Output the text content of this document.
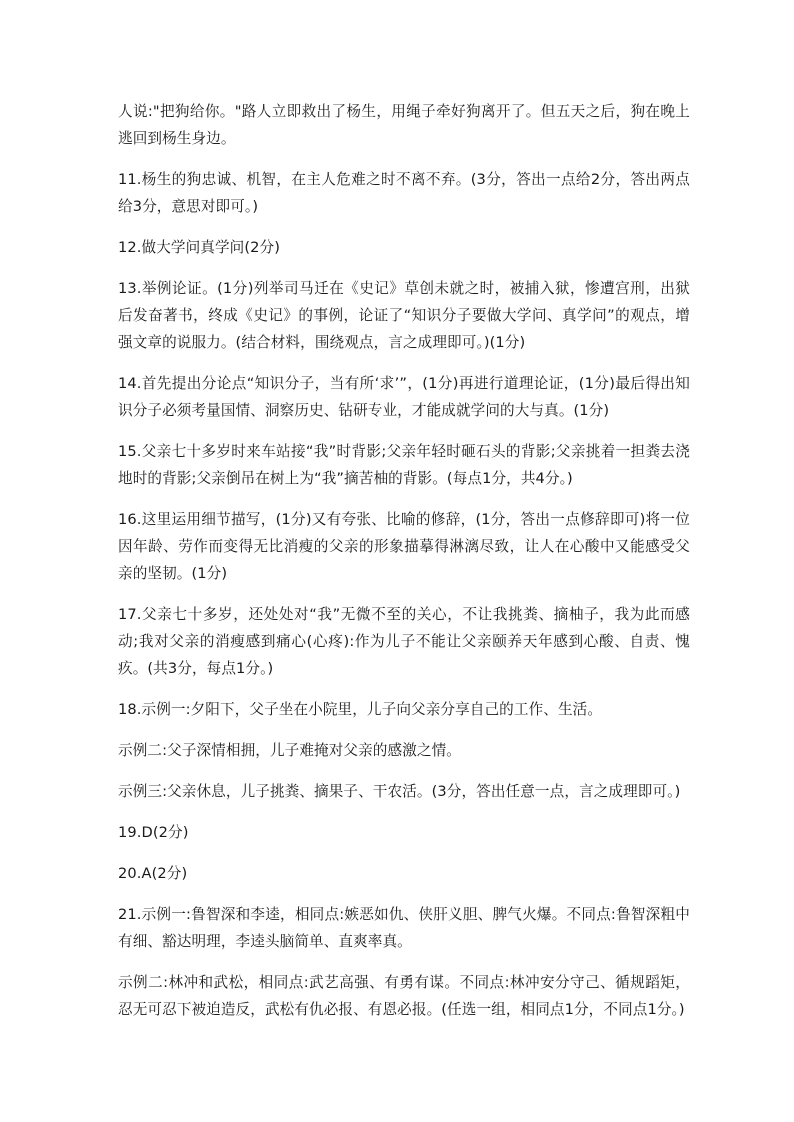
人说:"把狗给你。"路人立即救出了杨生，用绳子牵好狗离开了。但五天之后，狗在晚上逃回到杨生身边。

11.杨生的狗忠诚、机智，在主人危难之时不离不弃。(3分，答出一点给2分，答出两点给3分，意思对即可。)

12.做大学问真学问(2分)

13.举例论证。(1分)列举司马迁在《史记》草创未就之时，被捕入狱，惨遭宫刑，出狱后发奋著书，终成《史记》的事例，论证了“知识分子要做大学问、真学问”的观点，增强文章的说服力。(结合材料，围绕观点，言之成理即可。)(1分)

14.首先提出分论点“知识分子，当有所‘求’”，(1分)再进行道理论证，(1分)最后得出知识分子必须考量国情、洞察历史、钻研专业，才能成就学问的大与真。(1分)

15.父亲七十多岁时来车站接“我”时背影;父亲年轻时砸石头的背影;父亲挑着一担粪去浇地时的背影;父亲倒吊在树上为“我”摘苦柚的背影。(每点1分，共4分。)

16.这里运用细节描写，(1分)又有夸张、比喻的修辞，(1分，答出一点修辞即可)将一位因年龄、劳作而变得无比消瘦的父亲的形象描摹得淋漓尽致，让人在心酸中又能感受父亲的坚韧。(1分)

17.父亲七十多岁，还处处对“我”无微不至的关心，不让我挑粪、摘柚子，我为此而感动;我对父亲的消瘦感到痛心(心疼):作为儿子不能让父亲颐养天年感到心酸、自责、愧疚。(共3分，每点1分。)

18.示例一:夕阳下，父子坐在小院里，儿子向父亲分享自己的工作、生活。

示例二:父子深情相拥，儿子难掩对父亲的感激之情。

示例三:父亲休息，儿子挑粪、摘果子、干农活。(3分，答出任意一点，言之成理即可。)

19.D(2分)

20.A(2分)

21.示例一:鲁智深和李逵，相同点:嫉恶如仇、侠肝义胆、脾气火爆。不同点:鲁智深粗中有细、豁达明理，李逵头脑简单、直爽率真。

示例二:林冲和武松，相同点:武艺高强、有勇有谋。不同点:林冲安分守己、循规蹈矩，忍无可忍下被迫造反，武松有仇必报、有恩必报。(任选一组，相同点1分，不同点1分。)
